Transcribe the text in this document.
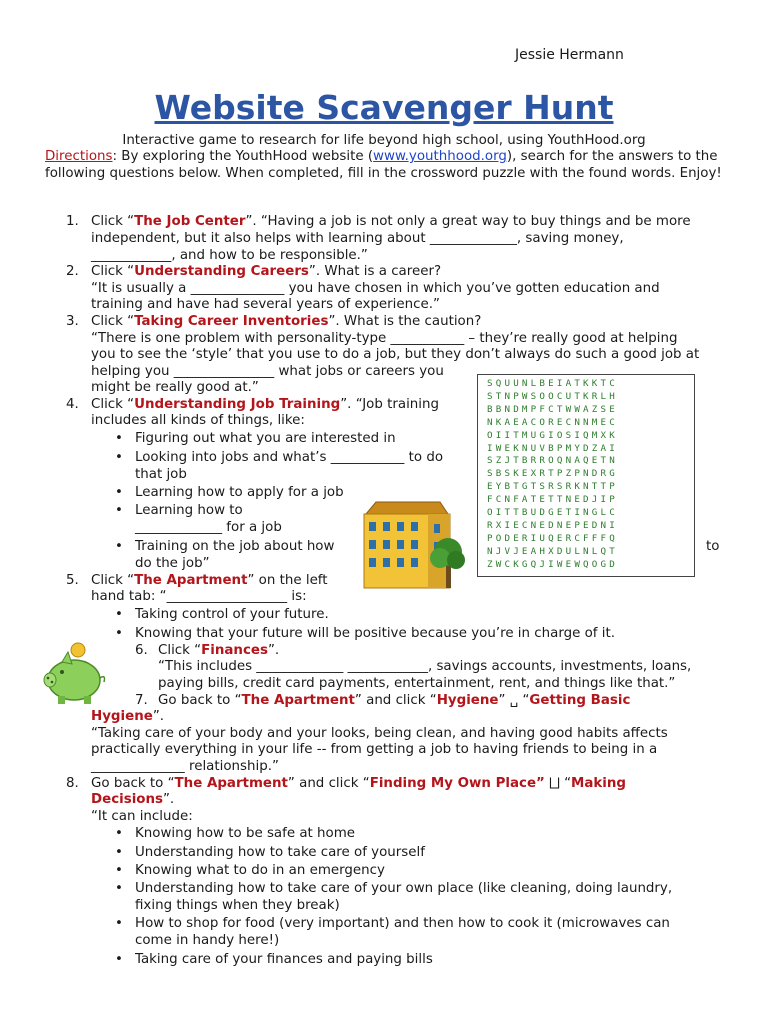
Jessie Hermann
Website Scavenger Hunt
Interactive game to research for life beyond high school, using YouthHood.org
Directions: By exploring the YouthHood website (www.youthhood.org), search for the answers to the following questions below. When completed, fill in the crossword puzzle with the found words. Enjoy!
1. Click “The Job Center”. “Having a job is not only a great way to buy things and be more
independent, but it also helps with learning about _____________, saving money,
____________, and how to be responsible.”
2. Click “Understanding Careers”. What is a career?
“It is usually a ______________ you have chosen in which you’ve gotten education and
training and have had several years of experience.”
3. Click “Taking Career Inventories”. What is the caution?
“There is one problem with personality-type ___________ – they’re really good at helping
you to see the ‘style’ that you use to do a job, but they don’t always do such a good job at
helping you _______________ what jobs or careers you
might be really good at.”
4. Click “Understanding Job Training”. “Job training
includes all kinds of things, like:
• Figuring out what you are interested in
• Looking into jobs and what’s ___________ to do
that job
• Learning how to apply for a job
• Learning how to
_____________ for a job
• Training on the job about how
do the job”
SQUUNLBEIATKKTC
STNPWSOOCUTKRLH
BBNDMPFCTWWAZSE
NKAEACORECNNMEC
OIITMUGIOSIQMXK
IWEKNUVBPMYDZAI
SZJTBRROQNAQETN
SBSKEXRTPZPNDRG
EYBTGTSRSRKNTTP
FCNFATETTNEDJIP
OITTBUDGETINGLC
RXIECNEDNEPEDNI
PODERIUQERCFFFQ
NJVJEAHXDULNLQT
ZWCKGQJIWEWQOGD
to
5. Click “The Apartment” on the left
hand tab: “__________________ is:
• Taking control of your future.
• Knowing that your future will be positive because you’re in charge of it.
6. Click “Finances”.
“This includes _____________ ____________, savings accounts, investments, loans,
paying bills, credit card payments, entertainment, rent, and things like that.”
7. Go back to “The Apartment” and click “Hygiene” ␣ “Getting Basic
Hygiene”.
“Taking care of your body and your looks, being clean, and having good habits affects
practically everything in your life -- from getting a job to having friends to being in a
______________ relationship.”
8. Go back to “The Apartment” and click “Finding My Own Place” ⨆ “Making
Decisions”.
“It can include:
• Knowing how to be safe at home
• Understanding how to take care of yourself
• Knowing what to do in an emergency
• Understanding how to take care of your own place (like cleaning, doing laundry,
fixing things when they break)
• How to shop for food (very important) and then how to cook it (microwaves can
come in handy here!)
• Taking care of your finances and paying bills
